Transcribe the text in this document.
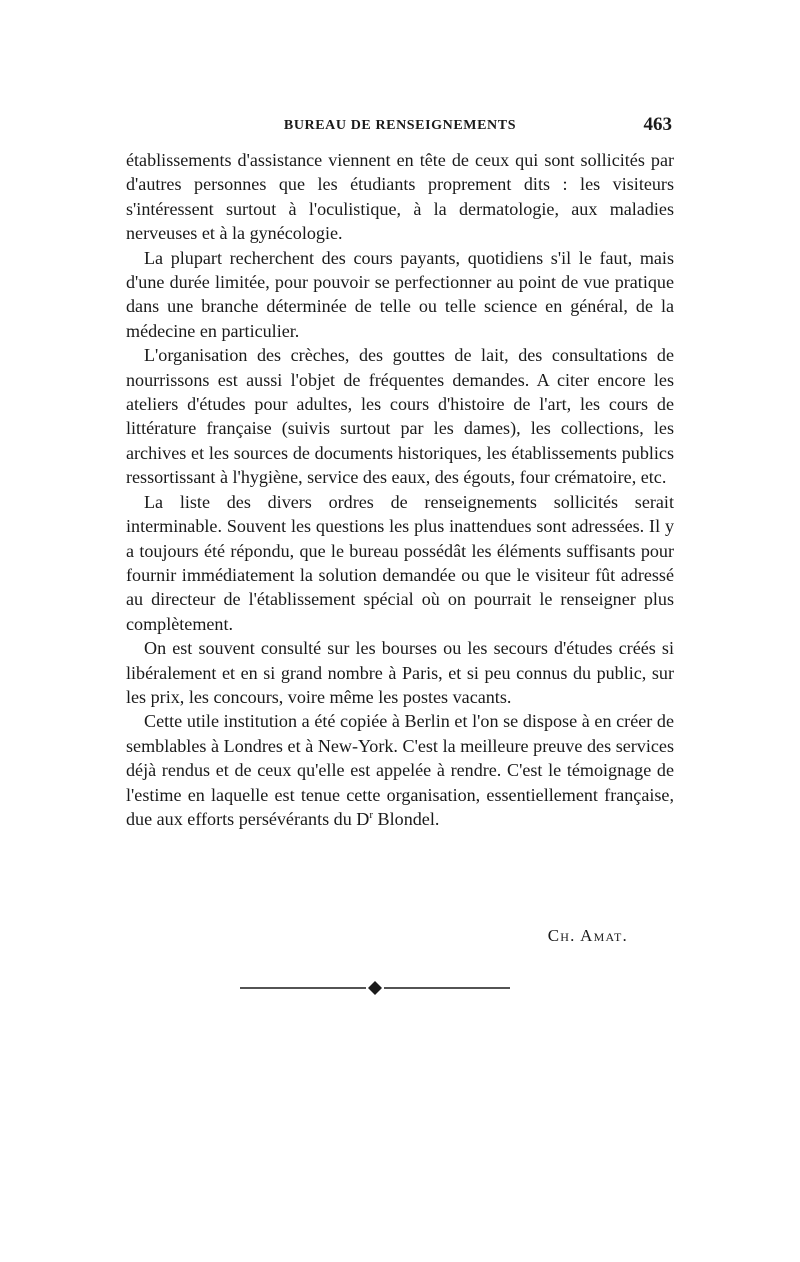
BUREAU DE RENSEIGNEMENTS	463

établissements d'assistance viennent en tête de ceux qui sont sollicités par d'autres personnes que les étudiants proprement dits : les visiteurs s'intéressent surtout à l'oculistique, à la dermatologie, aux maladies nerveuses et à la gynécologie.

La plupart recherchent des cours payants, quotidiens s'il le faut, mais d'une durée limitée, pour pouvoir se perfectionner au point de vue pratique dans une branche déterminée de telle ou telle science en général, de la médecine en particulier.

L'organisation des crèches, des gouttes de lait, des consultations de nourrissons est aussi l'objet de fréquentes demandes. A citer encore les ateliers d'études pour adultes, les cours d'histoire de l'art, les cours de littérature française (suivis surtout par les dames), les collections, les archives et les sources de documents historiques, les établissements publics ressortissant à l'hygiène, service des eaux, des égouts, four crématoire, etc.

La liste des divers ordres de renseignements sollicités serait interminable. Souvent les questions les plus inattendues sont adressées. Il y a toujours été répondu, que le bureau possédât les éléments suffisants pour fournir immédiatement la solution demandée ou que le visiteur fût adressé au directeur de l'établissement spécial où on pourrait le renseigner plus complètement.

On est souvent consulté sur les bourses ou les secours d'études créés si libéralement et en si grand nombre à Paris, et si peu connus du public, sur les prix, les concours, voire même les postes vacants.

Cette utile institution a été copiée à Berlin et l'on se dispose à en créer de semblables à Londres et à New-York. C'est la meilleure preuve des services déjà rendus et de ceux qu'elle est appelée à rendre. C'est le témoignage de l'estime en laquelle est tenue cette organisation, essentiellement française, due aux efforts persévérants du $D^r$ Blondel.

Ch. Amat.
